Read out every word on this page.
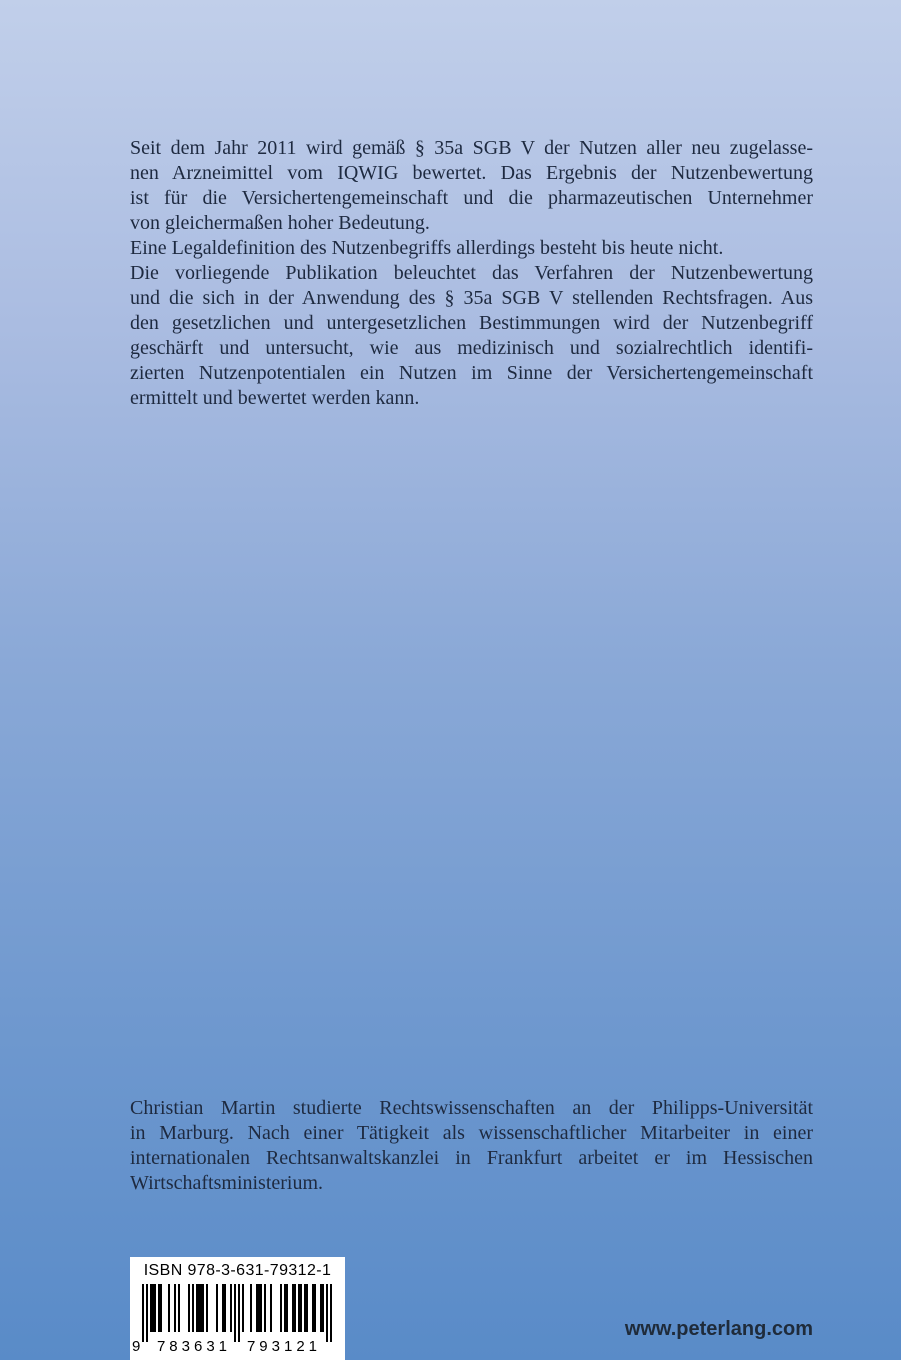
Seit dem Jahr 2011 wird gemäß § 35a SGB V der Nutzen aller neu zugelasse-
nen Arzneimittel vom IQWIG bewertet. Das Ergebnis der Nutzenbewertung
ist für die Versichertengemeinschaft und die pharmazeutischen Unternehmer
von gleichermaßen hoher Bedeutung.
Eine Legaldefinition des Nutzenbegriffs allerdings besteht bis heute nicht.
Die vorliegende Publikation beleuchtet das Verfahren der Nutzenbewertung
und die sich in der Anwendung des § 35a SGB V stellenden Rechtsfragen. Aus
den gesetzlichen und untergesetzlichen Bestimmungen wird der Nutzenbegriff
geschärft und untersucht, wie aus medizinisch und sozialrechtlich identifi-
zierten Nutzenpotentialen ein Nutzen im Sinne der Versichertengemeinschaft
ermittelt und bewertet werden kann.
Christian Martin studierte Rechtswissenschaften an der Philipps-Universität
in Marburg. Nach einer Tätigkeit als wissenschaftlicher Mitarbeiter in einer
internationalen Rechtsanwaltskanzlei in Frankfurt arbeitet er im Hessischen
Wirtschaftsministerium.
ISBN 978-3-631-79312-1
9	783631	793121
www.peterlang.com
